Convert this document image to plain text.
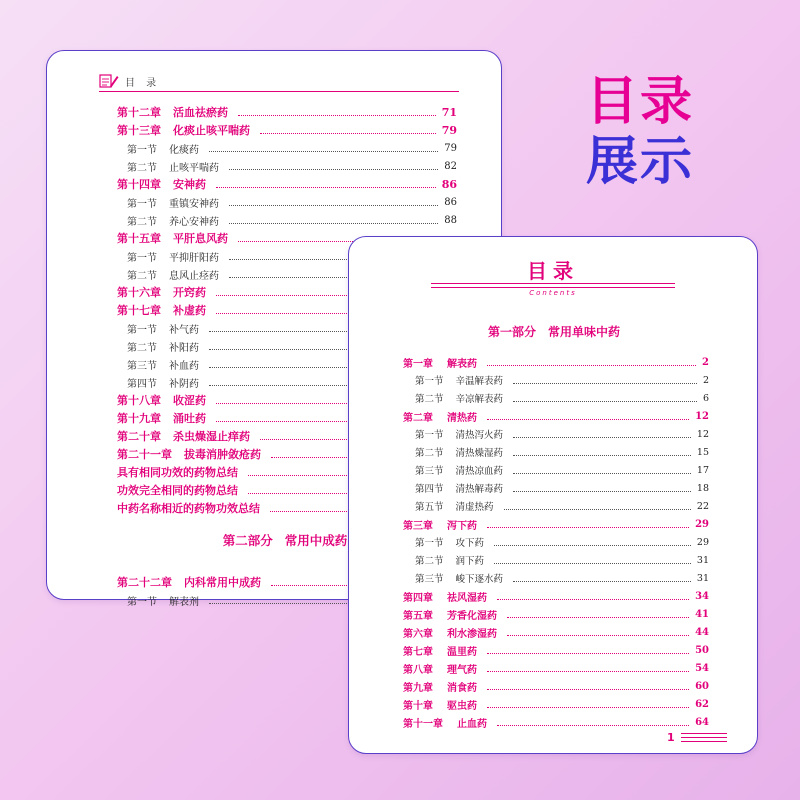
目 录
第十二章 活血祛瘀药	71
第十三章 化痰止咳平喘药	79
第一节 化痰药	79
第二节 止咳平喘药	82
第十四章 安神药	86
第一节 重镇安神药	86
第二节 养心安神药	88
第十五章 平肝息风药
第一节 平抑肝阳药
第二节 息风止痉药
第十六章 开窍药
第十七章 补虚药
第一节 补气药
第二节 补阳药
第三节 补血药
第四节 补阴药
第十八章 收涩药
第十九章 涌吐药
第二十章 杀虫燥湿止痒药
第二十一章 拔毒消肿敛疮药
具有相同功效的药物总结
功效完全相同的药物总结
中药名称相近的药物功效总结
第二部分 常用中成药
第二十二章 内科常用中成药
第一节 解表剂
目录
Contents
第一部分 常用单味中药
第一章 解表药	2
第一节 辛温解表药	2
第二节 辛凉解表药	6
第二章 清热药	12
第一节 清热泻火药	12
第二节 清热燥湿药	15
第三节 清热凉血药	17
第四节 清热解毒药	18
第五节 清虚热药	22
第三章 泻下药	29
第一节 攻下药	29
第二节 润下药	31
第三节 峻下逐水药	31
第四章 祛风湿药	34
第五章 芳香化湿药	41
第六章 利水渗湿药	44
第七章 温里药	50
第八章 理气药	54
第九章 消食药	60
第十章 驱虫药	62
第十一章 止血药	64
1
目录
展示
